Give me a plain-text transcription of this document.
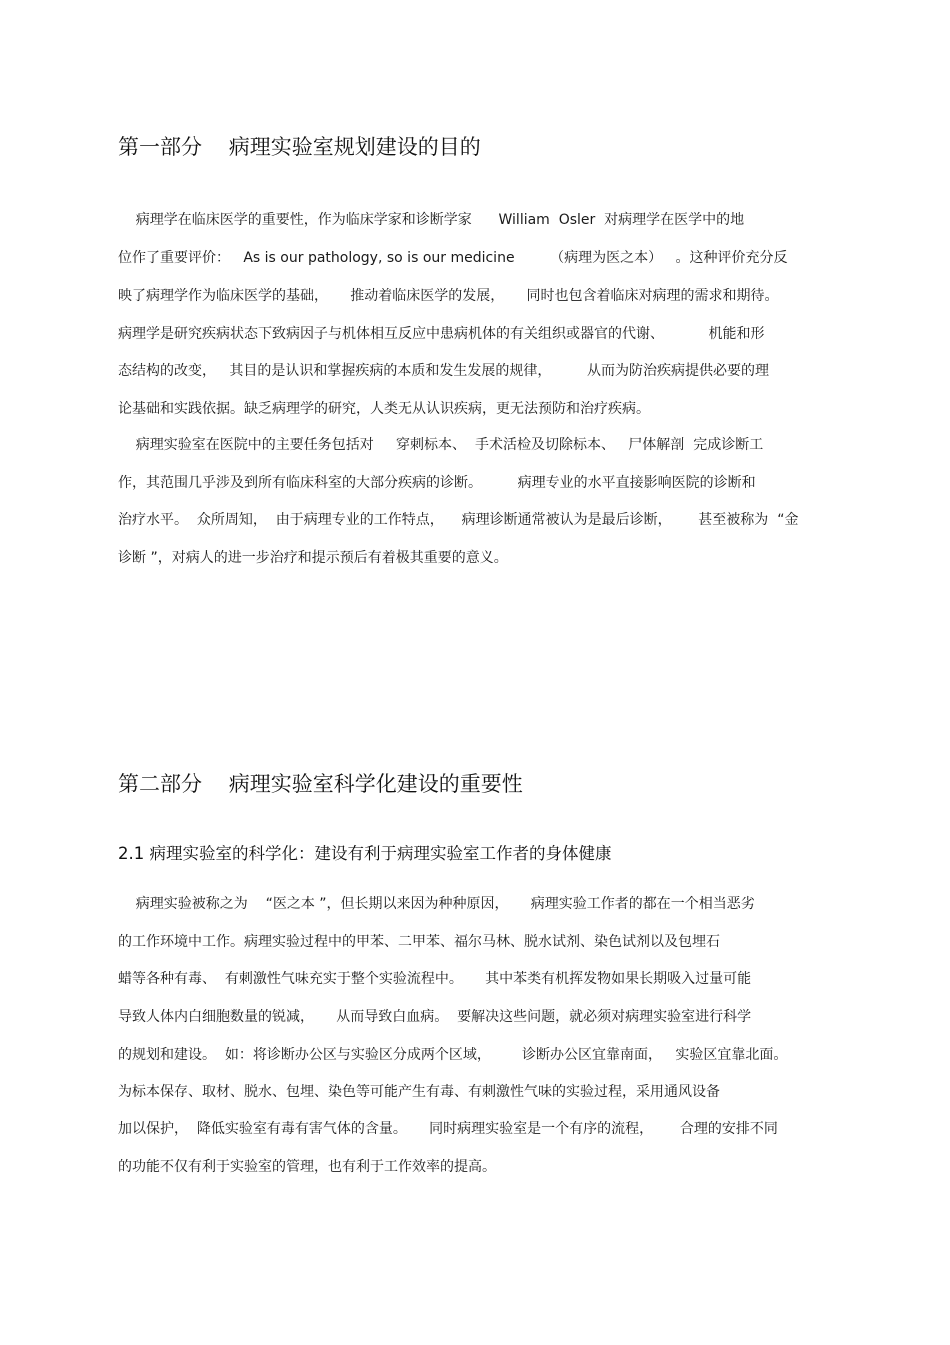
第一部分    病理实验室规划建设的目的
病理学在临床医学的重要性，作为临床学家和诊断学家      William  Osler  对病理学在医学中的地
位作了重要评价：   As is our pathology, so is our medicine        （病理为医之本）   。这种评价充分反
映了病理学作为临床医学的基础，     推动着临床医学的发展，     同时也包含着临床对病理的需求和期待。
病理学是研究疾病状态下致病因子与机体相互反应中患病机体的有关组织或器官的代谢、          机能和形
态结构的改变，   其目的是认识和掌握疾病的本质和发生发展的规律，        从而为防治疾病提供必要的理
论基础和实践依据。缺乏病理学的研究，人类无从认识疾病，更无法预防和治疗疾病。
病理实验室在医院中的主要任务包括对     穿刺标本、  手术活检及切除标本、   尸体解剖  完成诊断工
作，其范围几乎涉及到所有临床科室的大部分疾病的诊断。        病理专业的水平直接影响医院的诊断和
治疗水平。  众所周知，  由于病理专业的工作特点，    病理诊断通常被认为是最后诊断，      甚至被称为  “金
诊断 ”，对病人的进一步治疗和提示预后有着极其重要的意义。
第二部分    病理实验室科学化建设的重要性
2.1 病理实验室的科学化：建设有利于病理实验室工作者的身体健康
病理实验被称之为    “医之本 ”，但长期以来因为种种原因，     病理实验工作者的都在一个相当恶劣
的工作环境中工作。病理实验过程中的甲苯、二甲苯、福尔马林、脱水试剂、染色试剂以及包埋石
蜡等各种有毒、  有刺激性气味充实于整个实验流程中。     其中苯类有机挥发物如果长期吸入过量可能
导致人体内白细胞数量的锐减，     从而导致白血病。  要解决这些问题，就必须对病理实验室进行科学
的规划和建设。  如：将诊断办公区与实验区分成两个区域，       诊断办公区宜靠南面，   实验区宜靠北面。
为标本保存、取材、脱水、包埋、染色等可能产生有毒、有刺激性气味的实验过程，采用通风设备
加以保护，  降低实验室有毒有害气体的含量。     同时病理实验室是一个有序的流程，      合理的安排不同
的功能不仅有利于实验室的管理，也有利于工作效率的提高。
